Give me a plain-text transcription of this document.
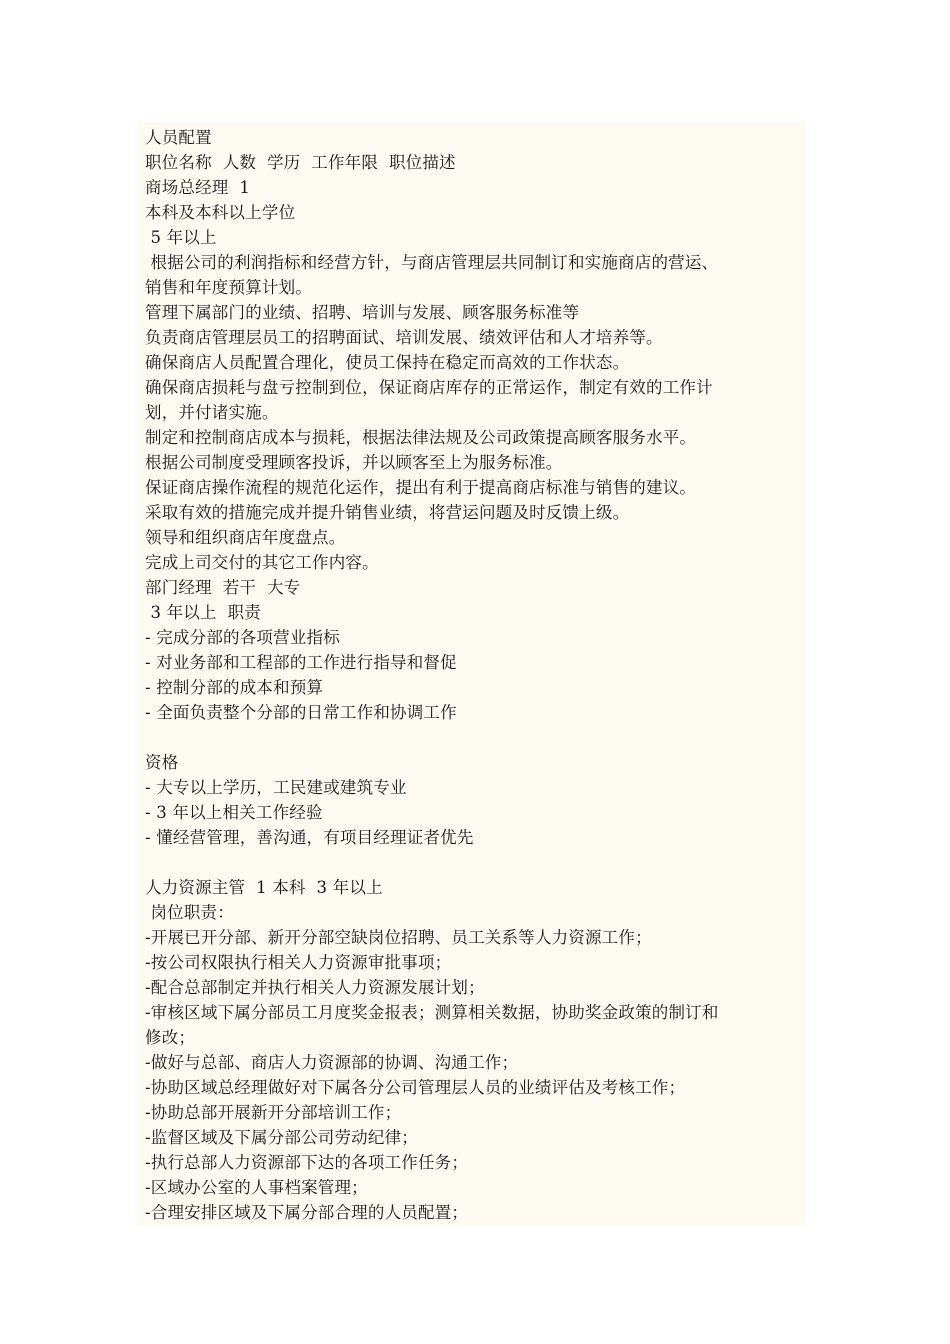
人员配置
职位名称  人数  学历  工作年限  职位描述
商场总经理  1
本科及本科以上学位
5 年以上
根据公司的利润指标和经营方针，与商店管理层共同制订和实施商店的营运、
销售和年度预算计划。
管理下属部门的业绩、招聘、培训与发展、顾客服务标准等
负责商店管理层员工的招聘面试、培训发展、绩效评估和人才培养等。
确保商店人员配置合理化，使员工保持在稳定而高效的工作状态。
确保商店损耗与盘亏控制到位，保证商店库存的正常运作，制定有效的工作计
划，并付诸实施。
制定和控制商店成本与损耗，根据法律法规及公司政策提高顾客服务水平。
根据公司制度受理顾客投诉，并以顾客至上为服务标准。
保证商店操作流程的规范化运作，提出有利于提高商店标准与销售的建议。
采取有效的措施完成并提升销售业绩，将营运问题及时反馈上级。
领导和组织商店年度盘点。
完成上司交付的其它工作内容。
部门经理  若干  大专
3 年以上  职责
- 完成分部的各项营业指标
- 对业务部和工程部的工作进行指导和督促
- 控制分部的成本和预算
- 全面负责整个分部的日常工作和协调工作
资格
- 大专以上学历，工民建或建筑专业
- 3 年以上相关工作经验
- 懂经营管理，善沟通，有项目经理证者优先
人力资源主管  1 本科  3 年以上
岗位职责：
-开展已开分部、新开分部空缺岗位招聘、员工关系等人力资源工作；
-按公司权限执行相关人力资源审批事项；
-配合总部制定并执行相关人力资源发展计划；
-审核区域下属分部员工月度奖金报表；测算相关数据，协助奖金政策的制订和
修改；
-做好与总部、商店人力资源部的协调、沟通工作；
-协助区域总经理做好对下属各分公司管理层人员的业绩评估及考核工作；
-协助总部开展新开分部培训工作；
-监督区域及下属分部公司劳动纪律；
-执行总部人力资源部下达的各项工作任务；
-区域办公室的人事档案管理；
-合理安排区域及下属分部合理的人员配置；
